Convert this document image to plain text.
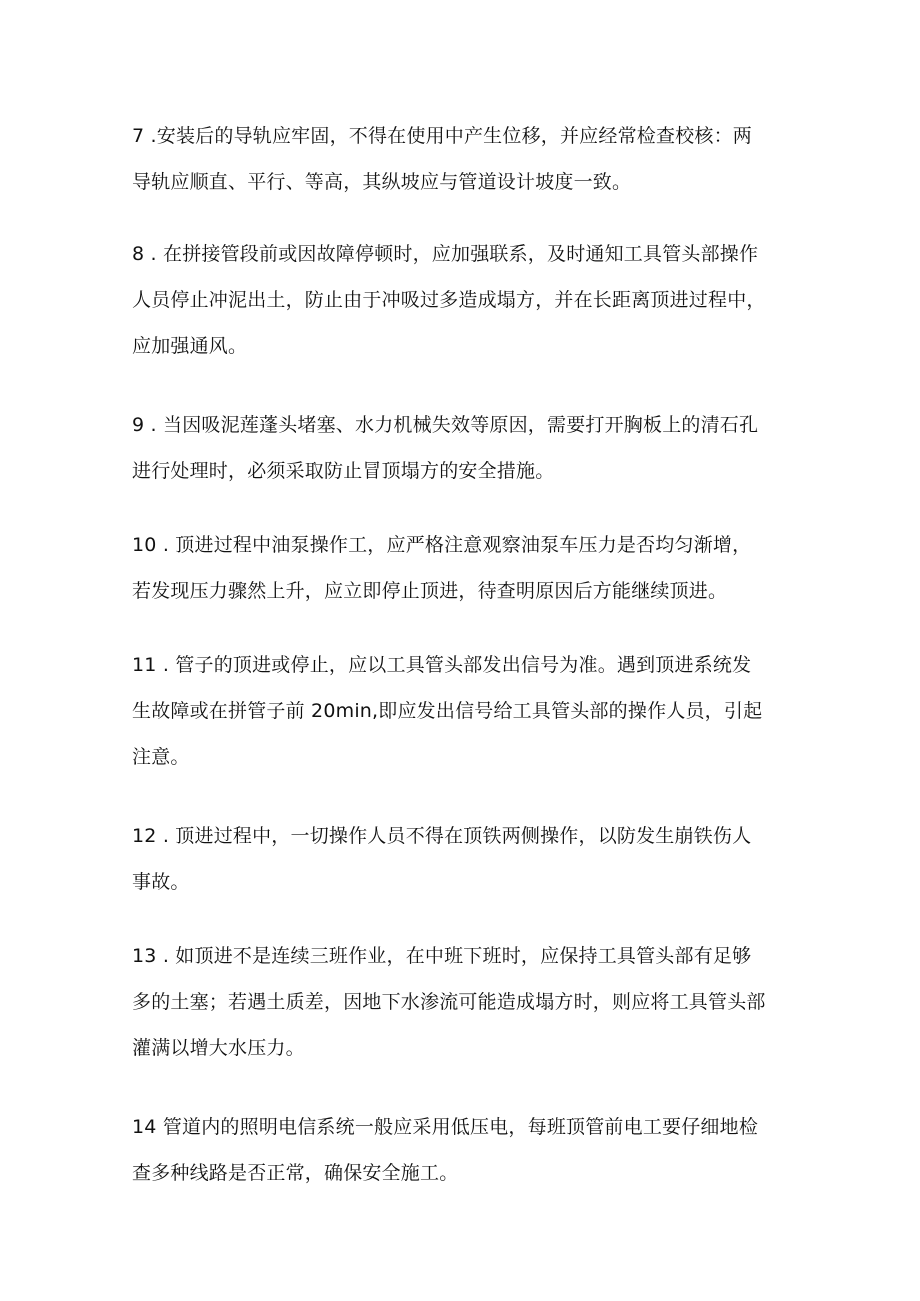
7 .安装后的导轨应牢固，不得在使用中产生位移，并应经常检查校核：两
导轨应顺直、平行、等高，其纵坡应与管道设计坡度一致。

8 . 在拼接管段前或因故障停顿时，应加强联系，及时通知工具管头部操作
人员停止冲泥出土，防止由于冲吸过多造成塌方，并在长距离顶进过程中，
应加强通风。

9 . 当因吸泥莲蓬头堵塞、水力机械失效等原因，需要打开胸板上的清石孔
进行处理时，必须采取防止冒顶塌方的安全措施。

10 . 顶进过程中油泵操作工，应严格注意观察油泵车压力是否均匀渐增，
若发现压力骤然上升，应立即停止顶进，待查明原因后方能继续顶进。

11 . 管子的顶进或停止，应以工具管头部发出信号为准。遇到顶进系统发
生故障或在拼管子前 20min,即应发出信号给工具管头部的操作人员，引起
注意。

12 . 顶进过程中，一切操作人员不得在顶铁两侧操作，以防发生崩铁伤人
事故。

13 . 如顶进不是连续三班作业，在中班下班时，应保持工具管头部有足够
多的土塞；若遇土质差，因地下水渗流可能造成塌方时，则应将工具管头部
灌满以增大水压力。

14 管道内的照明电信系统一般应采用低压电，每班顶管前电工要仔细地检
查多种线路是否正常，确保安全施工。
